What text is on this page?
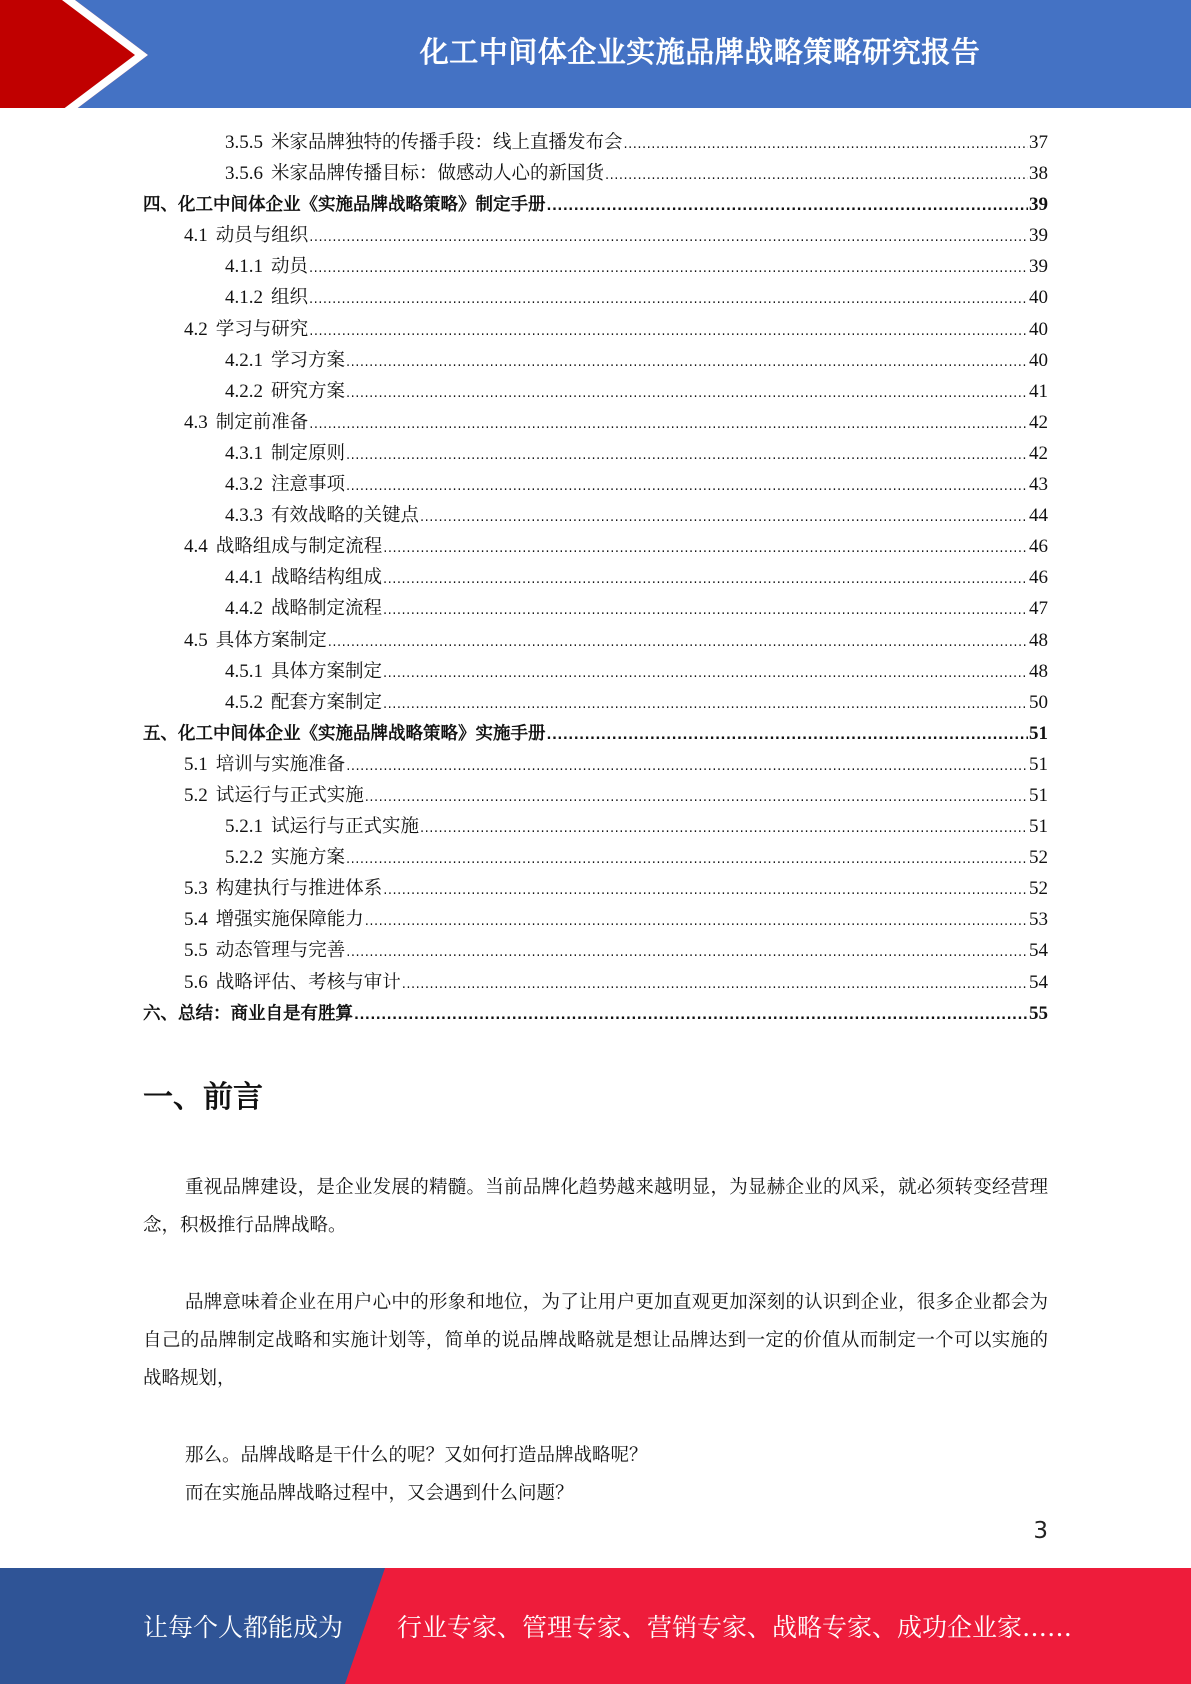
化工中间体企业实施品牌战略策略研究报告
3.5.5 米家品牌独特的传播手段：线上直播发布会 .....	37
3.5.6 米家品牌传播目标：做感动人心的新国货 .....	38
四、化工中间体企业《实施品牌战略策略》制定手册 .....	39
4.1 动员与组织 .....	39
4.1.1 动员 .....	39
4.1.2 组织 .....	40
4.2 学习与研究 .....	40
4.2.1 学习方案 .....	40
4.2.2 研究方案 .....	41
4.3 制定前准备 .....	42
4.3.1 制定原则 .....	42
4.3.2 注意事项 .....	43
4.3.3 有效战略的关键点 .....	44
4.4 战略组成与制定流程 .....	46
4.4.1 战略结构组成 .....	46
4.4.2 战略制定流程 .....	47
4.5 具体方案制定 .....	48
4.5.1 具体方案制定 .....	48
4.5.2 配套方案制定 .....	50
五、化工中间体企业《实施品牌战略策略》实施手册 .....	51
5.1 培训与实施准备 .....	51
5.2 试运行与正式实施 .....	51
5.2.1 试运行与正式实施 .....	51
5.2.2 实施方案 .....	52
5.3 构建执行与推进体系 .....	52
5.4 增强实施保障能力 .....	53
5.5 动态管理与完善 .....	54
5.6 战略评估、考核与审计 .....	54
六、总结：商业自是有胜算 .....	55
一、前言
重视品牌建设，是企业发展的精髓。当前品牌化趋势越来越明显，为显赫企业的风采，就必须转变经营理念，积极推行品牌战略。
品牌意味着企业在用户心中的形象和地位，为了让用户更加直观更加深刻的认识到企业，很多企业都会为自己的品牌制定战略和实施计划等，简单的说品牌战略就是想让品牌达到一定的价值从而制定一个可以实施的战略规划，
那么。品牌战略是干什么的呢？又如何打造品牌战略呢？
而在实施品牌战略过程中，又会遇到什么问题？
3
让每个人都能成为 行业专家、管理专家、营销专家、战略专家、成功企业家……
